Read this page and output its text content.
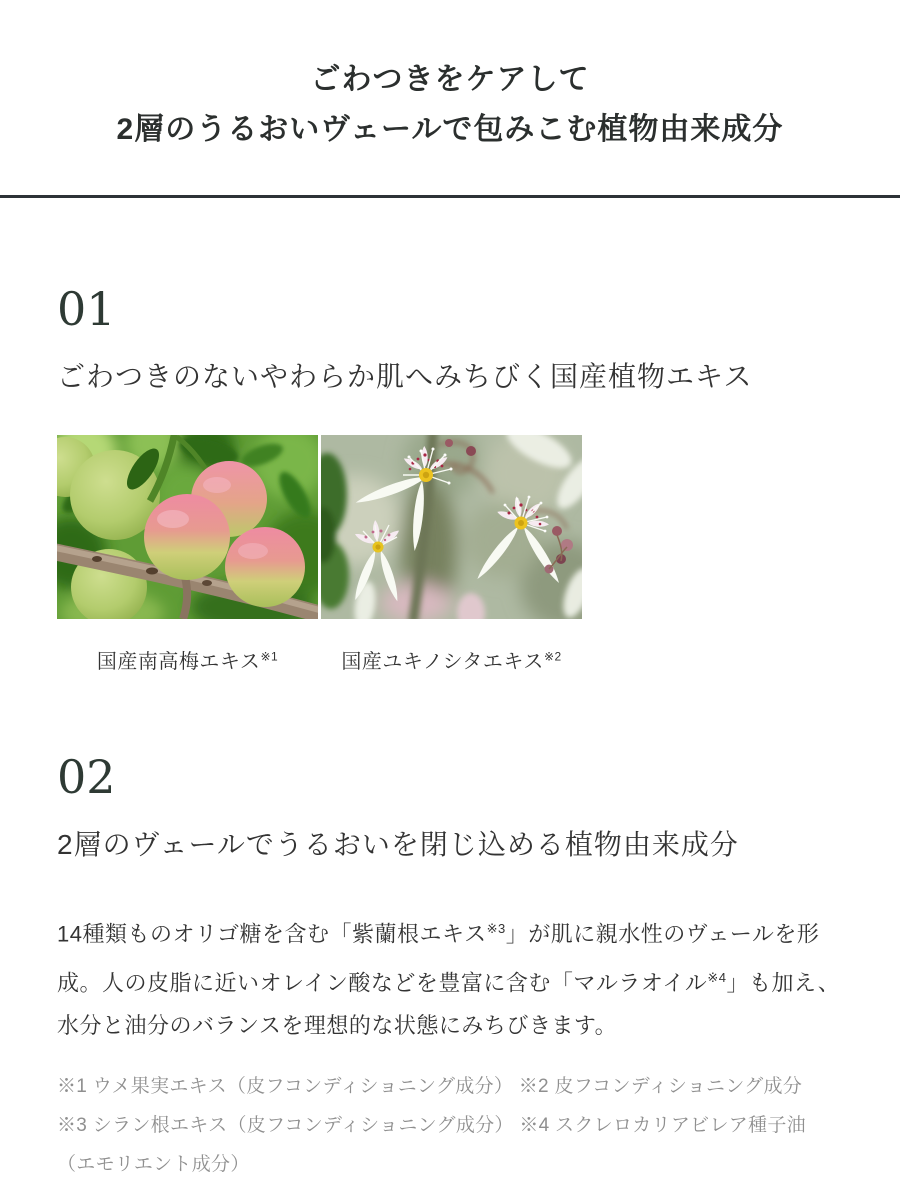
ごわつきをケアして
2層のうるおいヴェールで包みこむ植物由来成分
01
ごわつきのないやわらか肌へみちびく国産植物エキス
国産南高梅エキス$^{※1}$	国産ユキノシタエキス$^{※2}$
02
2層のヴェールでうるおいを閉じ込める植物由来成分

14種類ものオリゴ糖を含む「紫蘭根エキス$^{※3}$」が肌に親水性のヴェールを形成。人の皮脂に近いオレイン酸などを豊富に含む「マルラオイル$^{※4}$」も加え、水分と油分のバランスを理想的な状態にみちびきます。

※1 ウメ果実エキス（皮フコンディショニング成分） ※2 皮フコンディショニング成分
※3 シラン根エキス（皮フコンディショニング成分） ※4 スクレロカリアビレア種子油
（エモリエント成分）
